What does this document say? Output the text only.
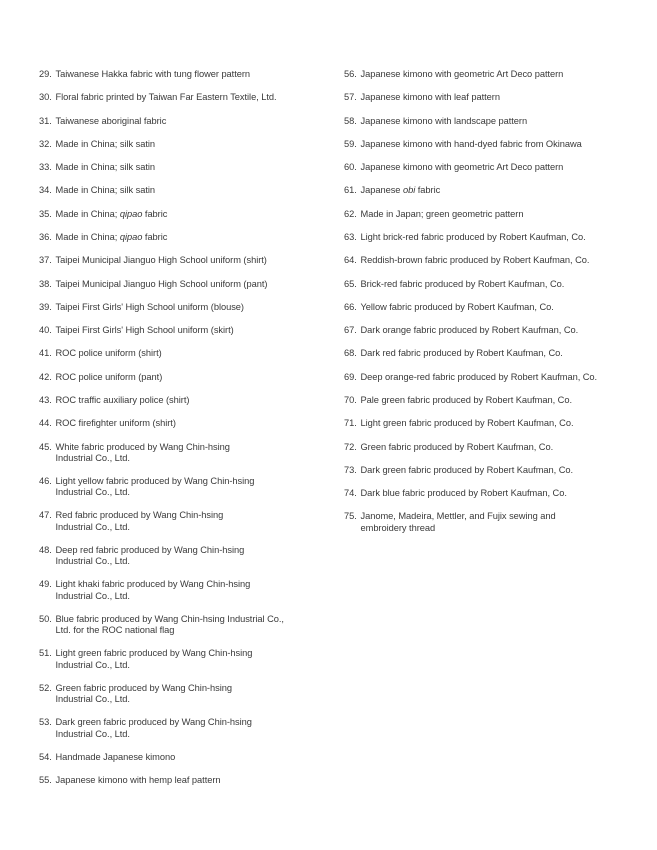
29. Taiwanese Hakka fabric with tung flower pattern
30. Floral fabric printed by Taiwan Far Eastern Textile, Ltd.
31. Taiwanese aboriginal fabric
32. Made in China; silk satin
33. Made in China; silk satin
34. Made in China; silk satin
35. Made in China; qipao fabric
36. Made in China; qipao fabric
37. Taipei Municipal Jianguo High School uniform (shirt)
38. Taipei Municipal Jianguo High School uniform (pant)
39. Taipei First Girls' High School uniform (blouse)
40. Taipei First Girls' High School uniform (skirt)
41. ROC police uniform (shirt)
42. ROC police uniform (pant)
43. ROC traffic auxiliary police (shirt)
44. ROC firefighter uniform (shirt)
45. White fabric produced by Wang Chin-hsing
Industrial Co., Ltd.
46. Light yellow fabric produced by Wang Chin-hsing
Industrial Co., Ltd.
47. Red fabric produced by Wang Chin-hsing
Industrial Co., Ltd.
48. Deep red fabric produced by Wang Chin-hsing
Industrial Co., Ltd.
49. Light khaki fabric produced by Wang Chin-hsing
Industrial Co., Ltd.
50. Blue fabric produced by Wang Chin-hsing Industrial Co.,
Ltd. for the ROC national flag
51. Light green fabric produced by Wang Chin-hsing
Industrial Co., Ltd.
52. Green fabric produced by Wang Chin-hsing
Industrial Co., Ltd.
53. Dark green fabric produced by Wang Chin-hsing
Industrial Co., Ltd.
54. Handmade Japanese kimono
55. Japanese kimono with hemp leaf pattern
56. Japanese kimono with geometric Art Deco pattern
57. Japanese kimono with leaf pattern
58. Japanese kimono with landscape pattern
59. Japanese kimono with hand-dyed fabric from Okinawa
60. Japanese kimono with geometric Art Deco pattern
61. Japanese obi fabric
62. Made in Japan; green geometric pattern
63. Light brick-red fabric produced by Robert Kaufman, Co.
64. Reddish-brown fabric produced by Robert Kaufman, Co.
65. Brick-red fabric produced by Robert Kaufman, Co.
66. Yellow fabric produced by Robert Kaufman, Co.
67. Dark orange fabric produced by Robert Kaufman, Co.
68. Dark red fabric produced by Robert Kaufman, Co.
69. Deep orange-red fabric produced by Robert Kaufman, Co.
70. Pale green fabric produced by Robert Kaufman, Co.
71. Light green fabric produced by Robert Kaufman, Co.
72. Green fabric produced by Robert Kaufman, Co.
73. Dark green fabric produced by Robert Kaufman, Co.
74. Dark blue fabric produced by Robert Kaufman, Co.
75. Janome, Madeira, Mettler, and Fujix sewing and
embroidery thread
